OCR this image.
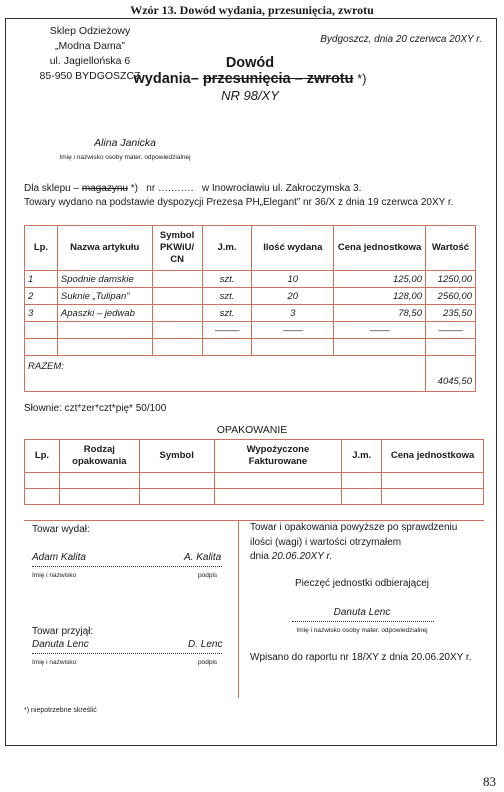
Wzór 13. Dowód wydania, przesunięcia, zwrotu
Sklep Odzieżowy
„Modna Dama”
ul. Jagiellońska 6
85-950 BYDGOSZCZ
Bydgoszcz, dnia 20 czerwca 20XY r.
Dowód
wydania– przesunięcia – zwrotu *)
NR 98/XY
Alina Janicka
Imię i nazwisko osoby mater. odpowiedzialnej
Dla sklepu – magazynu *)   nr ….…….   w Inowrocławiu ul. Zakroczymska 3.
Towary wydano na podstawie dyspozycji Prezesa PH„Elegant” nr 36/X z dnia 19 czerwca 20XY r.
Lp.	Nazwa artykułu	Symbol PKWiU/ CN	J.m.	Ilość wydana	Cena jednostkowa	Wartość
1	Spodnie damskie		szt.	10	125,00	1250,00
2	Suknie „Tulipan”		szt.	20	128,00	2560,00
3	Apaszki – jedwab		szt.	3	78,50	235,50
			–––––	––––	––––	–––––

RAZEM:						4045,50
Słownie: czt*zer*czt*pię* 50/100
OPAKOWANIE
Lp.	Rodzaj opakowania	Symbol	Wypożyczone Fakturowane	J.m.	Cena jednostkowa

Towar wydał:
Adam Kalita	A. Kalita
Imię i nazwisko	podpis
Towar przyjął:
Danuta Lenc	D. Lenc
Imię i nazwisko	podpis
Towar i opakowania powyższe po sprawdzeniu
ilości (wagi) i wartości otrzymałem
dnia 20.06.20XY r.
Pieczęć jednostki odbierającej
Danuta Lenc
Imię i nazwisko osoby mater. odpowiedzialnej
Wpisano do raportu nr 18/XY z dnia 20.06.20XY r.
*) niepotrzebne skreślić
83
